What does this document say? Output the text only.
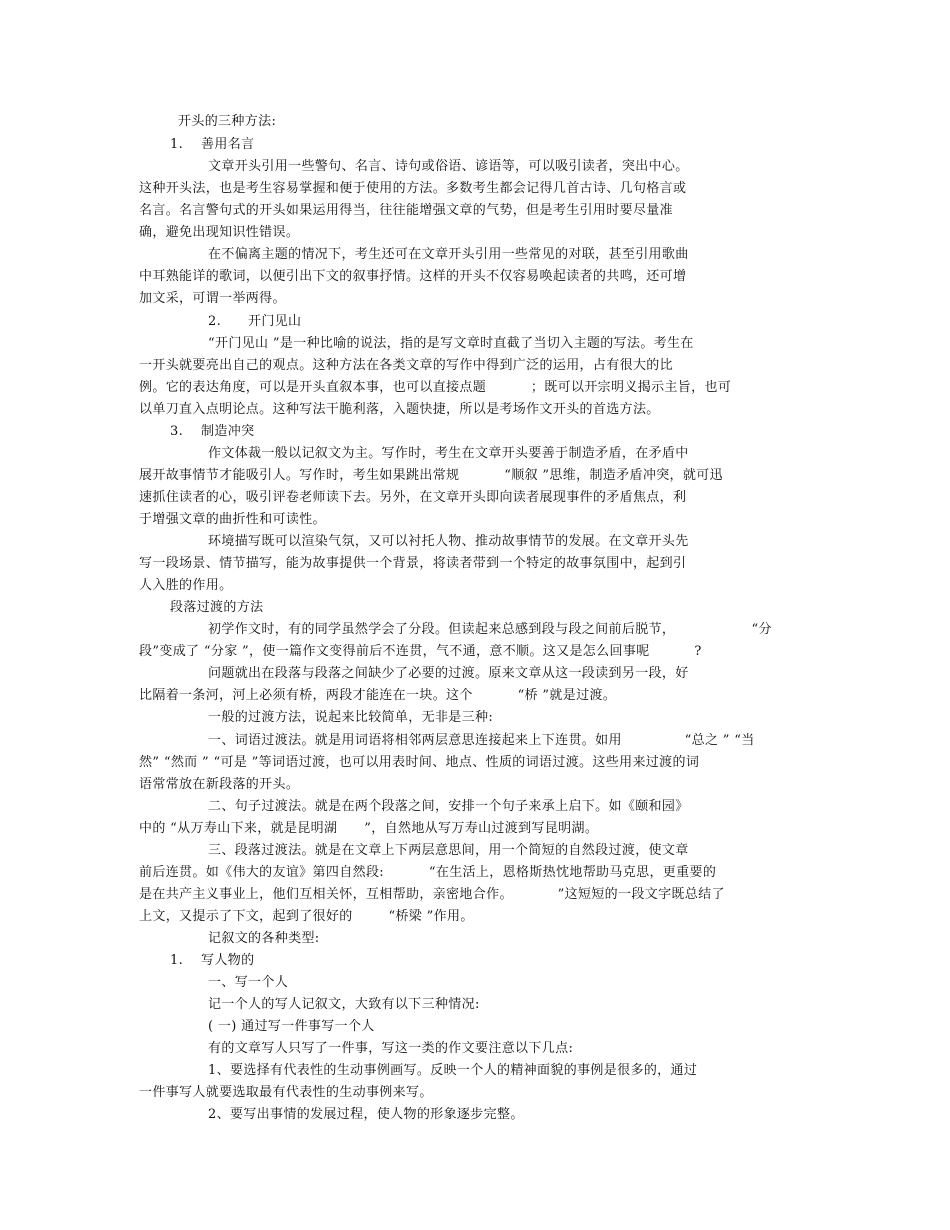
开头的三种方法:
1.    善用名言
文章开头引用一些警句、名言、诗句或俗语、谚语等，可以吸引读者，突出中心。
这种开头法，也是考生容易掌握和便于使用的方法。多数考生都会记得几首古诗、几句格言或
名言。名言警句式的开头如果运用得当，往往能增强文章的气势，但是考生引用时要尽量准
确，避免出现知识性错误。
在不偏离主题的情况下，考生还可在文章开头引用一些常见的对联，甚至引用歌曲
中耳熟能详的歌词，以便引出下文的叙事抒情。这样的开头不仅容易唤起读者的共鸣，还可增
加文采，可谓一举两得。
2.      开门见山
“开门见山 ”是一种比喻的说法，指的是写文章时直截了当切入主题的写法。考生在
一开头就要亮出自己的观点。这种方法在各类文章的写作中得到广泛的运用，占有很大的比
例。它的表达角度，可以是开头直叙本事，也可以直接点题          ；既可以开宗明义揭示主旨，也可
以单刀直入点明论点。这种写法干脆利落，入题快捷，所以是考场作文开头的首选方法。
3.    制造冲突
作文体裁一般以记叙文为主。写作时，考生在文章开头要善于制造矛盾，在矛盾中
展开故事情节才能吸引人。写作时，考生如果跳出常规          “顺叙 ”思维，制造矛盾冲突，就可迅
速抓住读者的心，吸引评卷老师读下去。另外，在文章开头即向读者展现事件的矛盾焦点，利
于增强文章的曲折性和可读性。
环境描写既可以渲染气氛，又可以衬托人物、推动故事情节的发展。在文章开头先
写一段场景、情节描写，能为故事提供一个背景，将读者带到一个特定的故事氛围中，起到引
人入胜的作用。
段落过渡的方法
初学作文时，有的同学虽然学会了分段。但读起来总感到段与段之间前后脱节，                 “分
段”变成了 “分家 ”，使一篇作文变得前后不连贯，气不通，意不顺。这又是怎么回事呢          ?
问题就出在段落与段落之间缺少了必要的过渡。原来文章从这一段读到另一段，好
比隔着一条河，河上必须有桥，两段才能连在一块。这个          “桥 ”就是过渡。
一般的过渡方法，说起来比较简单，无非是三种:
一、词语过渡法。就是用词语将相邻两层意思连接起来上下连贯。如用              “总之 ” “当
然” “然而 ” “可是 ”等词语过渡，也可以用表时间、地点、性质的词语过渡。这些用来过渡的词
语常常放在新段落的开头。
二、句子过渡法。就是在两个段落之间，安排一个句子来承上启下。如《颐和园》
中的 “从万寿山下来，就是昆明湖      ”，自然地从写万寿山过渡到写昆明湖。
三、段落过渡法。就是在文章上下两层意思间，用一个简短的自然段过渡，使文章
前后连贯。如《伟大的友谊》第四自然段:          “在生活上，恩格斯热忱地帮助马克思，更重要的
是在共产主义事业上，他们互相关怀，互相帮助，亲密地合作。          ”这短短的一段文字既总结了
上文，又提示了下文，起到了很好的        “桥梁 ”作用。
记叙文的各种类型:
1.    写人物的
一、写一个人
记一个人的写人记叙文，大致有以下三种情况:
( 一) 通过写一件事写一个人
有的文章写人只写了一件事，写这一类的作文要注意以下几点:
1、要选择有代表性的生动事例画写。反映一个人的精神面貌的事例是很多的，通过
一件事写人就要选取最有代表性的生动事例来写。
2、要写出事情的发展过程，使人物的形象逐步完整。
